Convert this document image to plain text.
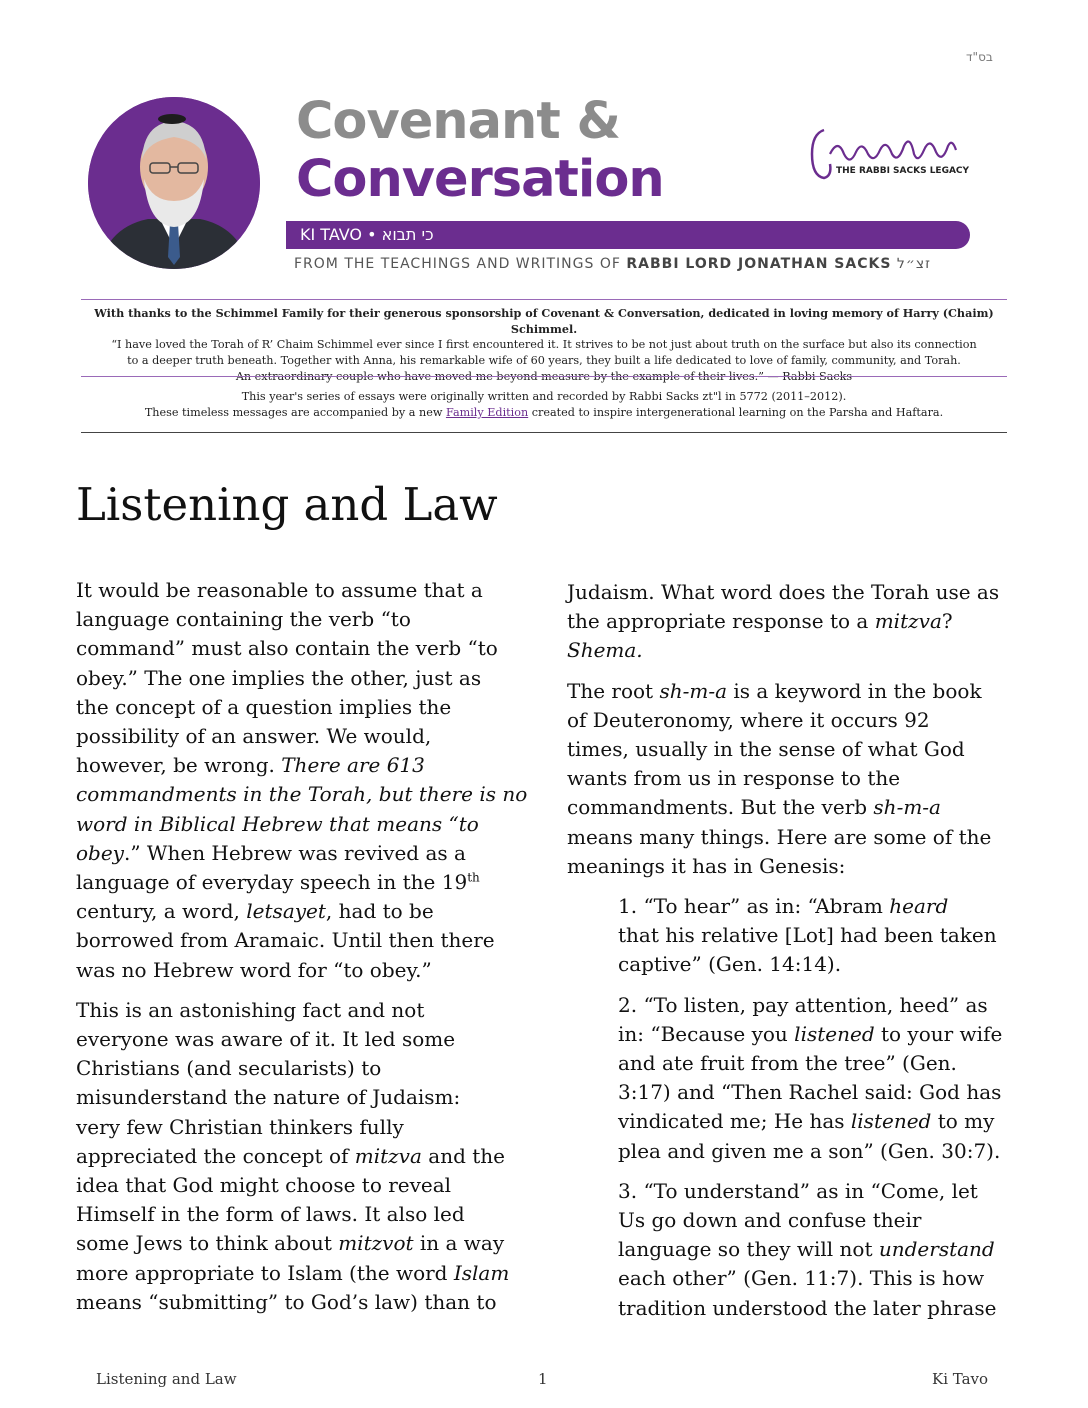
בס"ד
Covenant &
Conversation	THE RABBI SACKS LEGACY
KI TAVO • כי תבוא
FROM THE TEACHINGS AND WRITINGS OF RABBI LORD JONATHAN SACKS זצ״ל
With thanks to the Schimmel Family for their generous sponsorship of Covenant & Conversation, dedicated in loving memory of Harry (Chaim) Schimmel.
“I have loved the Torah of R’ Chaim Schimmel ever since I first encountered it. It strives to be not just about truth on the surface but also its connection
to a deeper truth beneath. Together with Anna, his remarkable wife of 60 years, they built a life dedicated to love of family, community, and Torah.
An extraordinary couple who have moved me beyond measure by the example of their lives.” — Rabbi Sacks
This year's series of essays were originally written and recorded by Rabbi Sacks zt"l in 5772 (2011–2012).
These timeless messages are accompanied by a new Family Edition created to inspire intergenerational learning on the Parsha and Haftara.
Listening and Law

It would be reasonable to assume that a
language containing the verb “to
command” must also contain the verb “to
obey.” The one implies the other, just as
the concept of a question implies the
possibility of an answer. We would,
however, be wrong. There are 613
commandments in the Torah, but there is no
word in Biblical Hebrew that means “to
obey.” When Hebrew was revived as a
language of everyday speech in the 19th
century, a word, letsayet, had to be
borrowed from Aramaic. Until then there
was no Hebrew word for “to obey.”

This is an astonishing fact and not
everyone was aware of it. It led some
Christians (and secularists) to
misunderstand the nature of Judaism:
very few Christian thinkers fully
appreciated the concept of mitzva and the
idea that God might choose to reveal
Himself in the form of laws. It also led
some Jews to think about mitzvot in a way
more appropriate to Islam (the word Islam
means “submitting” to God’s law) than to

Judaism. What word does the Torah use as
the appropriate response to a mitzva?
Shema.

The root sh-m-a is a keyword in the book
of Deuteronomy, where it occurs 92
times, usually in the sense of what God
wants from us in response to the
commandments. But the verb sh-m-a
means many things. Here are some of the
meanings it has in Genesis:

1. “To hear” as in: “Abram heard
that his relative [Lot] had been taken
captive” (Gen. 14:14).

2. “To listen, pay attention, heed” as
in: “Because you listened to your wife
and ate fruit from the tree” (Gen.
3:17) and “Then Rachel said: God has
vindicated me; He has listened to my
plea and given me a son” (Gen. 30:7).

3. “To understand” as in “Come, let
Us go down and confuse their
language so they will not understand
each other” (Gen. 11:7). This is how
tradition understood the later phrase

Listening and Law	1	Ki Tavo
